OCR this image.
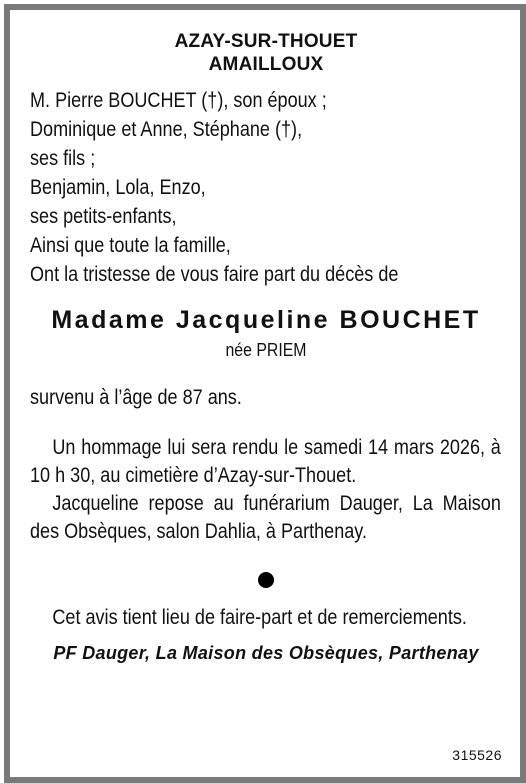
AZAY-SUR-THOUET
AMAILLOUX
M. Pierre BOUCHET (†), son époux ;
Dominique et Anne, Stéphane (†),
ses fils ;
Benjamin, Lola, Enzo,
ses petits-enfants,
Ainsi que toute la famille,
Ont la tristesse de vous faire part du décès de
Madame Jacqueline BOUCHET
née PRIEM
survenu à l’âge de 87 ans.
Un hommage lui sera rendu le samedi 14 mars 2026, à 10 h 30, au cimetière d’Azay-sur-Thouet.
Jacqueline repose au funérarium Dauger, La Maison des Obsèques, salon Dahlia, à Parthenay.
Cet avis tient lieu de faire-part et de remerciements.
PF Dauger, La Maison des Obsèques, Parthenay
315526
